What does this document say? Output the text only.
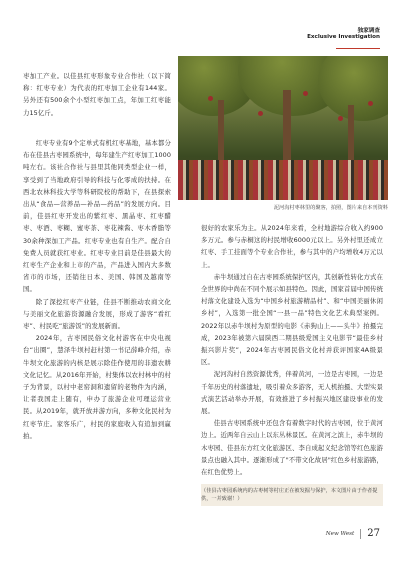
独家调查
Exclusive Investigation

枣加工产业。以佳县红枣形象专业合作社（以下简称：红枣专业）为代表的红枣加工企业有144家。另外还有500余个小型红枣加工点，年加工红枣能力15亿斤。

红枣专业有9个定单式有机红枣基地，基本都分布在佳县古枣园系统中，每年建生产红枣加工1000吨左右。该社合作社与县里其他同类型企业一样，享受到了当地政府引导的科技与化零成的扶持。在西北农林科技大学等科研院校的帮助下，在县探索出从“食品—营养品—补品—药品”的发展方向。目前，佳县红枣开发出的紫红枣、黑晶枣、红枣醋枣、枣酒、枣糊、蜜枣茶、枣花辣酱、枣木香脂等30余种深加工产品。红枣专业也有自生产。配合自免费人员就获红枣业。红枣专业目前是佳县最大的红枣生产企业和上市的产品，产品进入国内大多数省市的市场，还销往日本、美国、韩国及越南等国。

除了深挖红枣产业链，佳县不断推动农商文化与美丽文化旅游资源融合发展，形成了游客“看红枣”、村民吃“旅游饭”的发展新面。

2024年，古枣园民俗文化村游客在中央电视台“出圈”，慧泽牛坝村赶村第一书记薛峰介绍，赤牛坝文化旅游的内核是展示除佳作使用的非遗农耕文化记忆。从2016年开始，村集体以农村林中的村子为背景，以村中老窑洞和遗留的老物件为内涵，让者我国走上随有，申办了旅游企业可理运营业民。从2019年，就开放并游方向，多种文化民村为红枣节庄。家客乐广，村民的家庭收入有追加到赢拍。

泥河沟村枣林里的聚客，拍照，图片来自本刊资料

很好的农家乐为主。从2024年来看，全村地游综合收入约900多万元。参与赤桐这的村民增收6000元以上。另外村里还成立红枣、手工挂面等个专业合作社，参与其中的户均增收4万元以上。

赤牛坝通过自在古枣园系统保护区内，其创新性转化方式在全世界的中尚在不同个展示如县特色。因此，国家首届中国传统村落文化建设入选为“中国乡村旅游精品村”、和“中国美丽休闲乡村”，入选第一批全国“一县一品”特色文化艺术典型案例。2022年以赤牛坝村为原型的电影《赤狗山上——头牛》拍摄完成，2023年被第六届陕西二期县级爱国主义电影节“最佳乡村振兴影片奖”，2024年古枣园民俗文化村并获评国家4A级景区。

泥河沟村自然资源优秀，伴着黄河，一边是古枣园，一边是千年历史的村落遗址，吸引着众多游客，无人机拍摄、大型实景式演艺活动举办开展，有效推进了乡村振兴地区建设事业的发展。

佳县古枣园系统中还包含有着数字时代的古枣园，位于黄河边上。近两年自云山上以东丛林景区。在黄河之滨上，赤牛坝的木枣园、佳县东方红文化旅游区、李自成起义纪念馆等红色旅游景点也融入其中。逐渐形成了"不带文化故居"红色乡村旅游路，在红色优势上。

（佳县古枣园系统内的古枣树等村庄正在被发掘与保护，本文图片由于作者提供，一并致谢！）
New West 27
